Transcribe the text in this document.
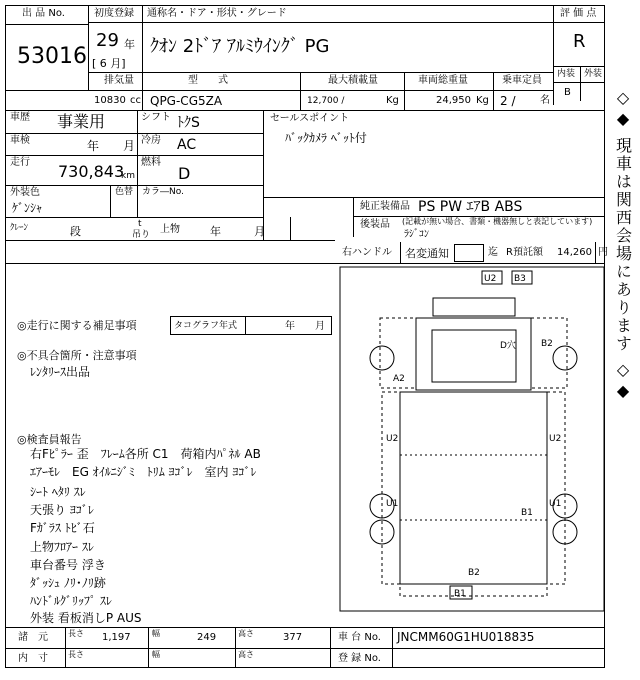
出 品 No.
53016
初度登録
29 年
[ 6 月]
通称名・ドア・形状・グレード
ｸｵﾝ 2ﾄﾞｱ ｱﾙﾐｳｲﾝｸﾞ PG
評 価 点
R
内装 外装
B
排気量
10830 cc
型　　式
QPG-CG5ZA
最大積載量
12,700 /	Kg
車両総重量
24,950 Kg
乗車定員
2 / 名
車歴 事業用	シフト ﾄｸS
車検	年　　月 冷房 AC
走行 730,843
km
燃料
D
外装色
ｹﾞﾝｼｬ
色替 カラ―No.
ｸﾚｰﾝ	段
t
吊り 上物	年　　　月
セールスポイント
ﾊﾞｯｸｶﾒﾗ ﾍﾞｯﾄ付
純正装備品 PS PW ｴｱB ABS
後装品 (記載が無い場合、書類・機器無しと表記しています)
ﾗｼﾞｺﾝ
右ハンドル 名変通知	迄 R預託額 14,260 円
◎走行に関する補足事項	タコグラフ年式	年　　月
◎不具合箇所・注意事項
ﾚﾝﾀﾘｰｽ出品
◎検査員報告
右Fﾋﾟﾗｰ 歪　ﾌﾚｰﾑ各所 C1　荷箱内ﾊﾟﾈﾙ AB
ｴｱｰﾓﾚ　EG ｵｲﾙﾆｼﾞﾐ　ﾄﾘﾑ ﾖｺﾞﾚ　室内 ﾖｺﾞﾚ
ｼｰﾄ ﾍﾀﾘ ｽﾚ
天張り ﾖｺﾞﾚ
Fｶﾞﾗｽ ﾄﾋﾞ石
上物ﾌﾛｱｰ ｽﾚ
車台番号 浮き
ﾀﾞｯｼｭ ﾉﾘ･ﾉﾘ跡
ﾊﾝﾄﾞﾙｸﾞﾘｯﾌﾟ ｽﾚ
外装 看板消しP AUS
◇◆ 現車は関西会場にあります ◇◆
諸　元
内　寸
長さ 1,197
長さ
幅	249
幅
高さ	377
高さ
車 台 No. JNCMM60G1HU018835
登 録 No.
U2 B3
D穴	B2
A2
U2	U2
U1
B1
U1
B2
B1
